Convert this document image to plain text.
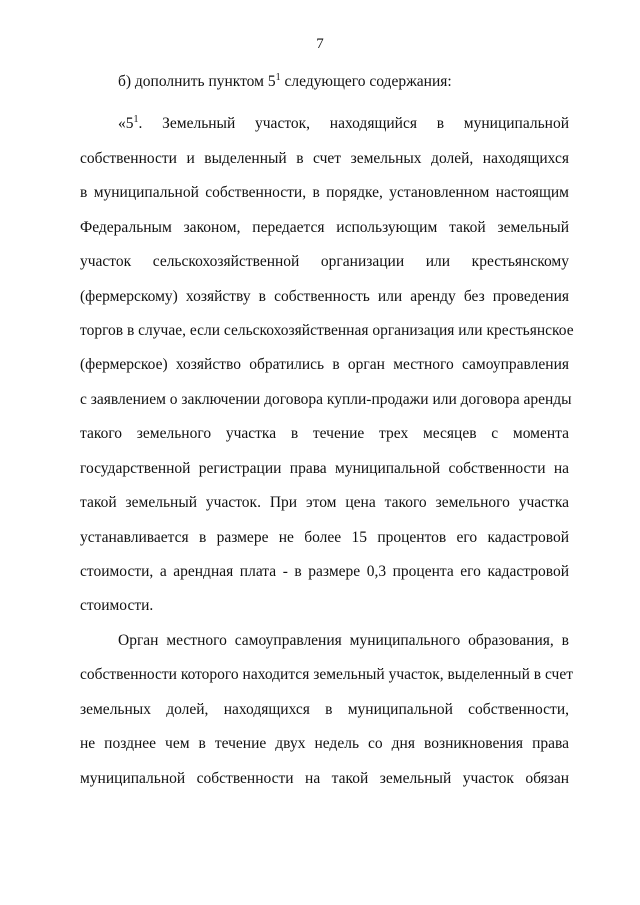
7
б) дополнить пунктом $5^1$ следующего содержания:
«$5^1$. Земельный участок, находящийся в муниципальной
собственности и выделенный в счет земельных долей, находящихся
в муниципальной собственности, в порядке, установленном настоящим
Федеральным законом, передается использующим такой земельный
участок сельскохозяйственной организации или крестьянскому
(фермерскому) хозяйству в собственность или аренду без проведения
торгов в случае, если сельскохозяйственная организация или крестьянское
(фермерское) хозяйство обратились в орган местного самоуправления
с заявлением о заключении договора купли-продажи или договора аренды
такого земельного участка в течение трех месяцев с момента
государственной регистрации права муниципальной собственности на
такой земельный участок. При этом цена такого земельного участка
устанавливается в размере не более 15 процентов его кадастровой
стоимости, а арендная плата - в размере 0,3 процента его кадастровой
стоимости.
Орган местного самоуправления муниципального образования, в
собственности которого находится земельный участок, выделенный в счет
земельных долей, находящихся в муниципальной собственности,
не позднее чем в течение двух недель со дня возникновения права
муниципальной собственности на такой земельный участок обязан
